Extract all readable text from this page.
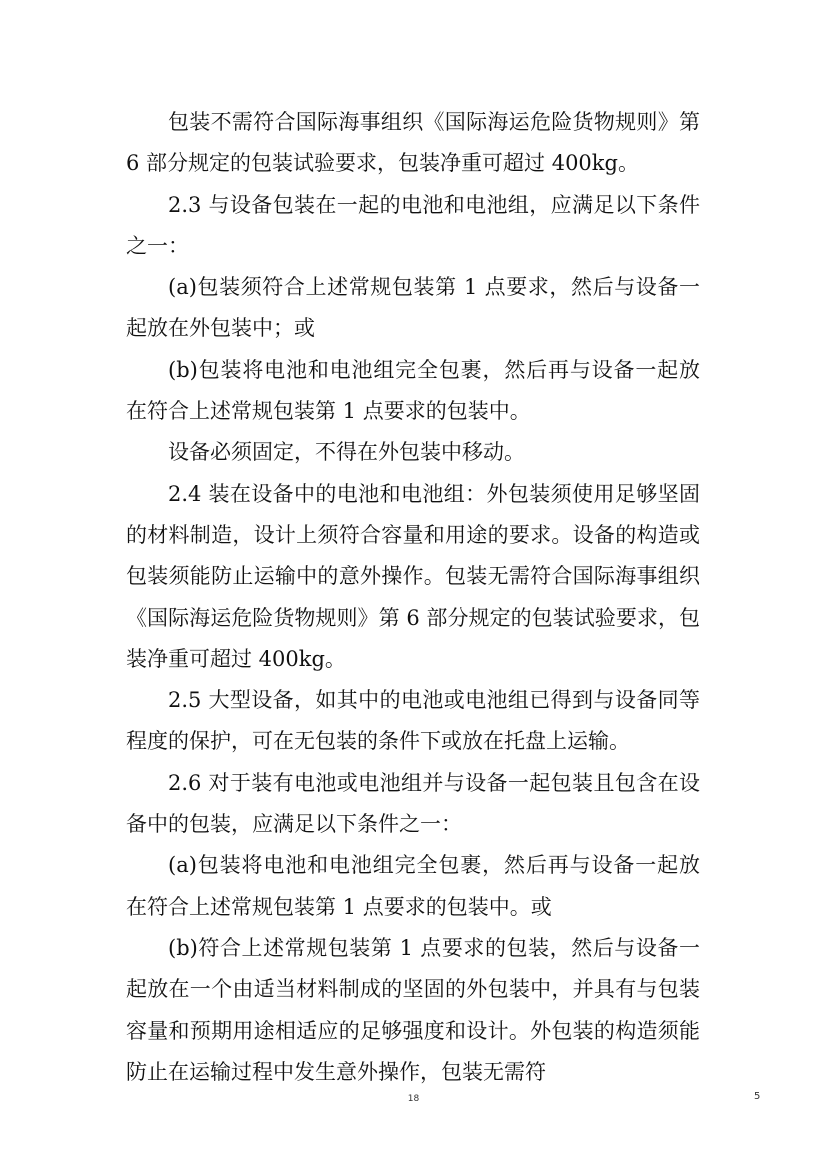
包装不需符合国际海事组织《国际海运危险货物规则》第 6 部分规定的包装试验要求，包装净重可超过 400kg。

2.3 与设备包装在一起的电池和电池组，应满足以下条件之一：

(a)包装须符合上述常规包装第 1 点要求，然后与设备一起放在外包装中；或

(b)包装将电池和电池组完全包裹，然后再与设备一起放在符合上述常规包装第 1 点要求的包装中。

设备必须固定，不得在外包装中移动。

2.4 装在设备中的电池和电池组：外包装须使用足够坚固的材料制造，设计上须符合容量和用途的要求。设备的构造或包装须能防止运输中的意外操作。包装无需符合国际海事组织《国际海运危险货物规则》第 6 部分规定的包装试验要求，包装净重可超过 400kg。

2.5 大型设备，如其中的电池或电池组已得到与设备同等程度的保护，可在无包装的条件下或放在托盘上运输。

2.6 对于装有电池或电池组并与设备一起包装且包含在设备中的包装，应满足以下条件之一：

(a)包装将电池和电池组完全包裹，然后再与设备一起放在符合上述常规包装第 1 点要求的包装中。或

(b)符合上述常规包装第 1 点要求的包装，然后与设备一起放在一个由适当材料制成的坚固的外包装中，并具有与包装容量和预期用途相适应的足够强度和设计。外包装的构造须能防止在运输过程中发生意外操作，包装无需符

18	5
